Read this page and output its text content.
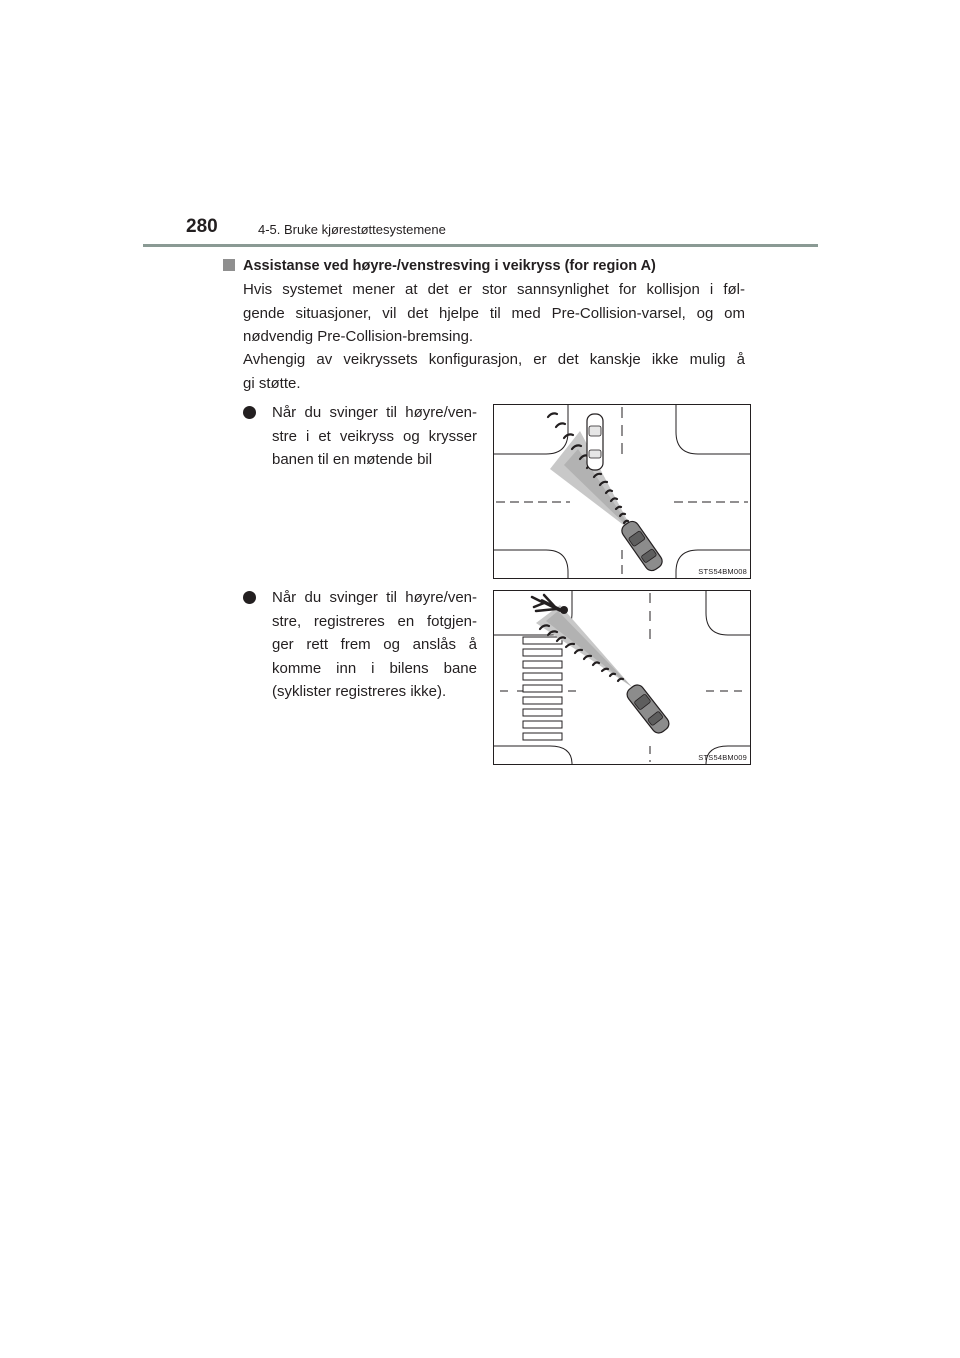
280	4-5. Bruke kjørestøttesystemene
Assistanse ved høyre-/venstresving i veikryss (for region A)
Hvis systemet mener at det er stor sannsynlighet for kollisjon i føl-
gende situasjoner, vil det hjelpe til med Pre-Collision-varsel, og om
nødvendig Pre-Collision-bremsing.
Avhengig av veikryssets konfigurasjon, er det kanskje ikke mulig å
gi støtte.
Når du svinger til høyre/ven-
stre i et veikryss og krysser
banen til en møtende bil
STS54BM008
Når du svinger til høyre/ven-
stre, registreres en fotgjen-
ger rett frem og anslås å
komme inn i bilens bane
(syklister registreres ikke).
STS54BM009
